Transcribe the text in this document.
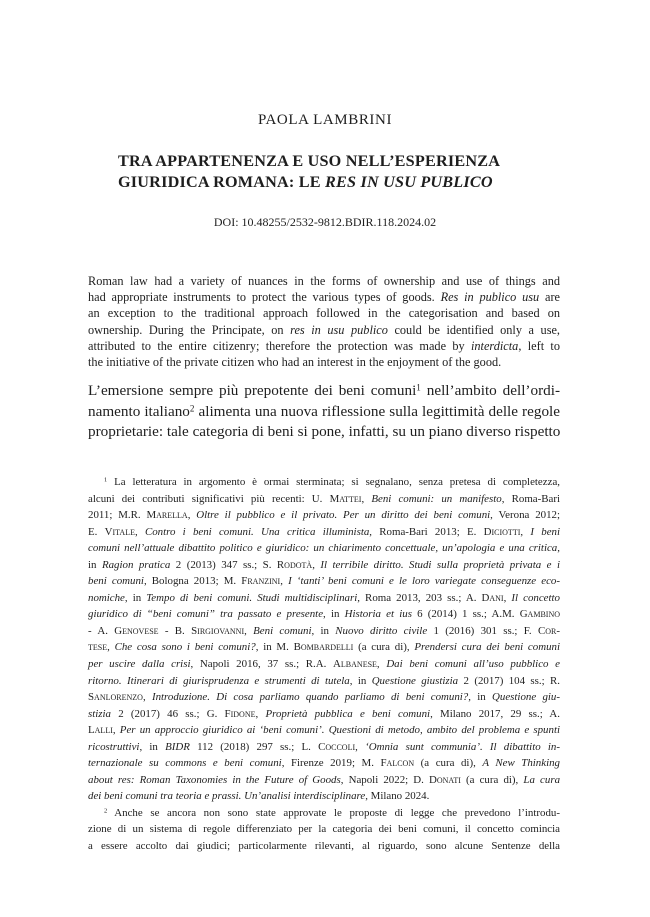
PAOLA LAMBRINI
TRA APPARTENENZA E USO NELL’ESPERIENZA
GIURIDICA ROMANA: LE RES IN USU PUBLICO
DOI: 10.48255/2532-9812.BDIR.118.2024.02
Roman law had a variety of nuances in the forms of ownership and use of things and
had appropriate instruments to protect the various types of goods. Res in publico usu are
an exception to the traditional approach followed in the categorisation and based on
ownership. During the Principate, on res in usu publico could be identified only a use,
attributed to the entire citizenry; therefore the protection was made by interdicta, left to
the initiative of the private citizen who had an interest in the enjoyment of the good.
L’emersione sempre più prepotente dei beni comuni$^1$ nell’ambito dell’ordi-
namento italiano$^2$ alimenta una nuova riflessione sulla legittimità delle regole
proprietarie: tale categoria di beni si pone, infatti, su un piano diverso rispetto
$^1$ La letteratura in argomento è ormai sterminata; si segnalano, senza pretesa di completezza,
alcuni dei contributi significativi più recenti: U. Mattei, Beni comuni: un manifesto, Roma-Bari
2011; M.R. Marella, Oltre il pubblico e il privato. Per un diritto dei beni comuni, Verona 2012;
E. Vitale, Contro i beni comuni. Una critica illuminista, Roma-Bari 2013; E. Diciotti, I beni
comuni nell’attuale dibattito politico e giuridico: un chiarimento concettuale, un’apologia e una critica,
in Ragion pratica 2 (2013) 347 ss.; S. Rodotà, Il terribile diritto. Studi sulla proprietà privata e i
beni comuni, Bologna 2013; M. Franzini, I ‘tanti’ beni comuni e le loro variegate conseguenze eco-
nomiche, in Tempo di beni comuni. Studi multidisciplinari, Roma 2013, 203 ss.; A. Dani, Il concetto
giuridico di “beni comuni” tra passato e presente, in Historia et ius 6 (2014) 1 ss.; A.M. Gambino
- A. Genovese - B. Sirgiovanni, Beni comuni, in Nuovo diritto civile 1 (2016) 301 ss.; F. Cor-
tese, Che cosa sono i beni comuni?, in M. Bombardelli (a cura di), Prendersi cura dei beni comuni
per uscire dalla crisi, Napoli 2016, 37 ss.; R.A. Albanese, Dai beni comuni all’uso pubblico e
ritorno. Itinerari di giurisprudenza e strumenti di tutela, in Questione giustizia 2 (2017) 104 ss.; R.
Sanlorenzo, Introduzione. Di cosa parliamo quando parliamo di beni comuni?, in Questione giu-
stizia 2 (2017) 46 ss.; G. Fidone, Proprietà pubblica e beni comuni, Milano 2017, 29 ss.; A.
Lalli, Per un approccio giuridico ai ‘beni comuni’. Questioni di metodo, ambito del problema e spunti
ricostruttivi, in BIDR 112 (2018) 297 ss.; L. Coccoli, ‘Omnia sunt communia’. Il dibattito in-
ternazionale su commons e beni comuni, Firenze 2019; M. Falcon (a cura di), A New Thinking
about res: Roman Taxonomies in the Future of Goods, Napoli 2022; D. Donati (a cura di), La cura
dei beni comuni tra teoria e prassi. Un’analisi interdisciplinare, Milano 2024.
$^2$ Anche se ancora non sono state approvate le proposte di legge che prevedono l’introdu-
zione di un sistema di regole differenziato per la categoria dei beni comuni, il concetto comincia
a essere accolto dai giudici; particolarmente rilevanti, al riguardo, sono alcune Sentenze della
